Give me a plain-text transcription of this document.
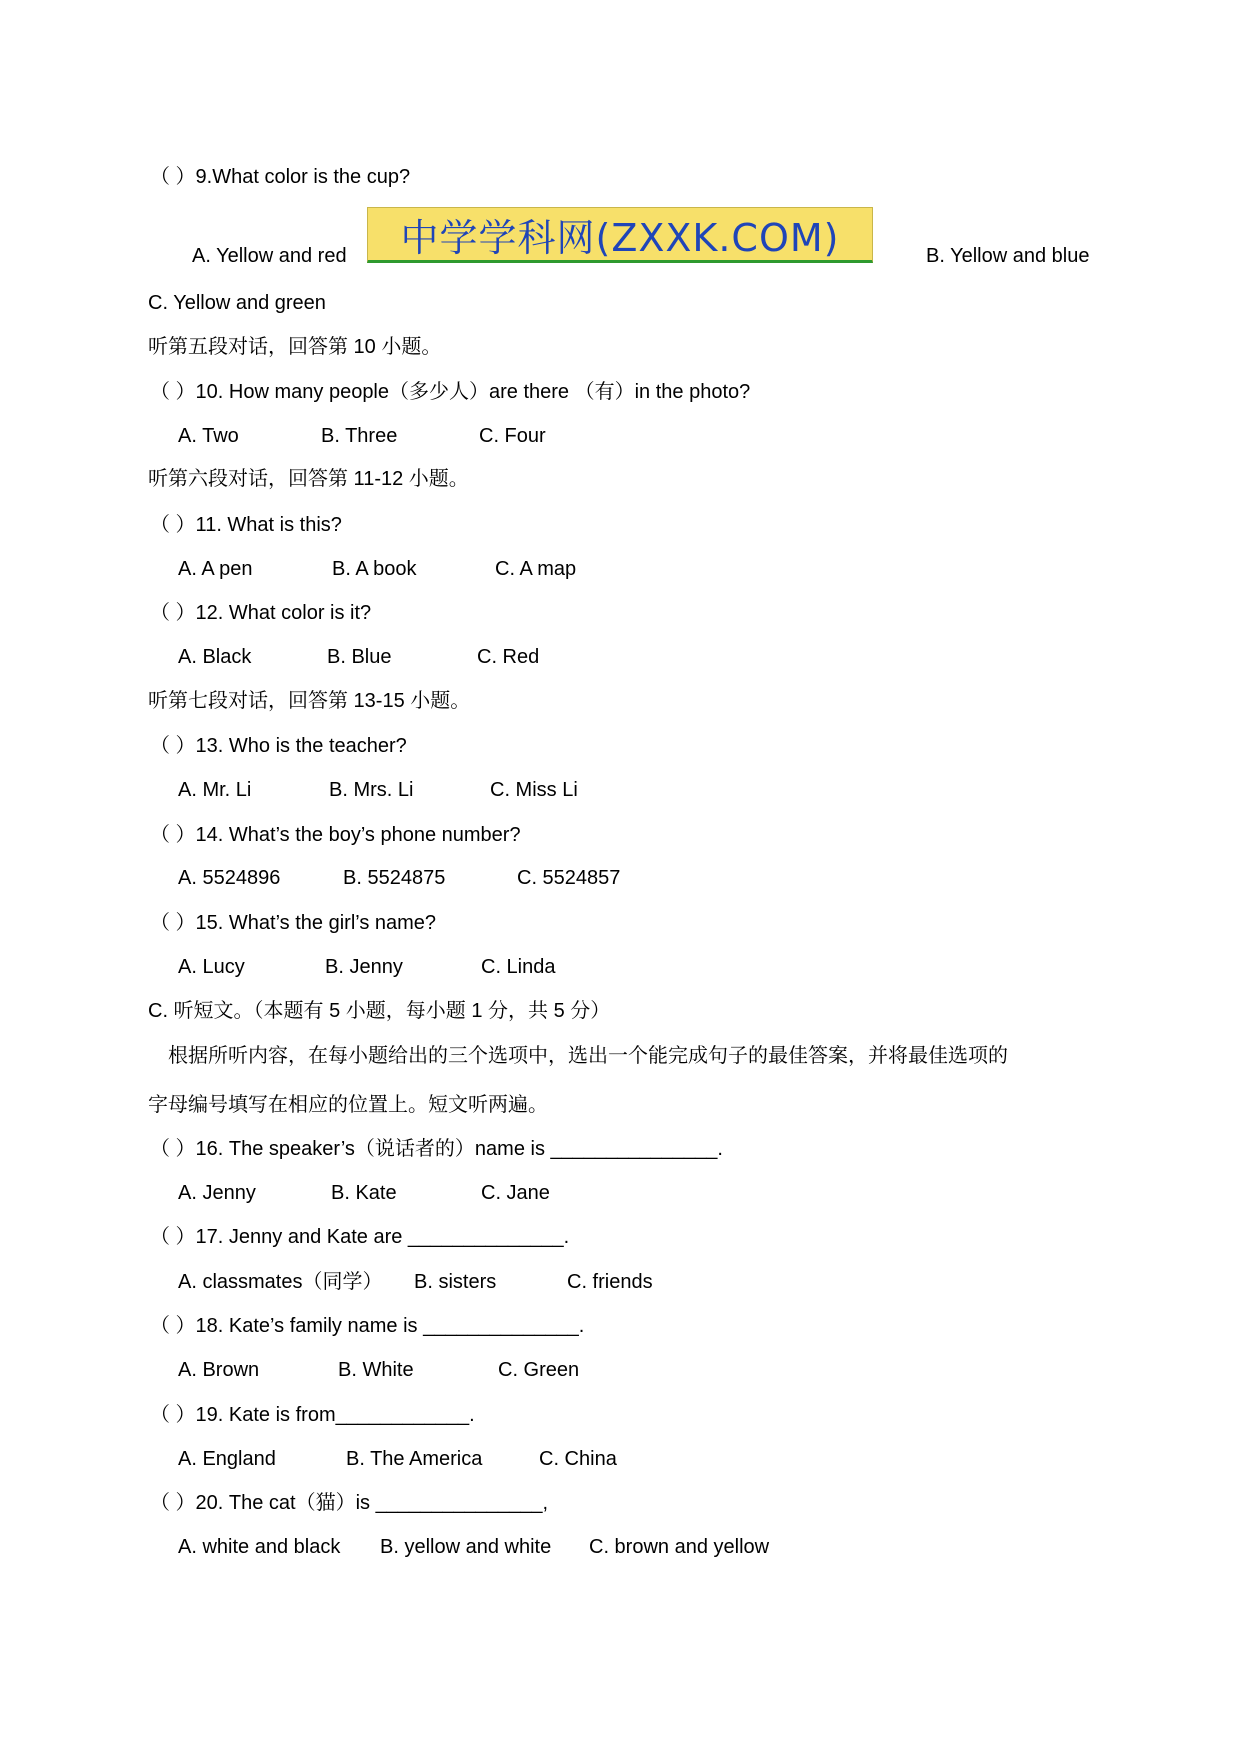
（ ）9.What color is the cup?
A. Yellow and red 中学学科网(ZXXK.COM)	B. Yellow and blue
C. Yellow and green
听第五段对话，回答第 10 小题。
（ ）10. How many people（多少人）are there （有）in the photo?
A. Two	B. Three	C. Four
听第六段对话，回答第 11-12 小题。
（ ）11. What is this?
A. A pen	B. A book	C. A map
（ ）12. What color is it?
A. Black	B. Blue	C. Red
听第七段对话，回答第 13-15 小题。
（ ）13. Who is the teacher?
A. Mr. Li	B. Mrs. Li	C. Miss Li
（ ）14. What’s the boy’s phone number?
A. 5524896	B. 5524875	C. 5524857
（ ）15. What’s the girl’s name?
A. Lucy	B. Jenny	C. Linda
C. 听短文。（本题有 5 小题，每小题 1 分，共 5 分）
根据所听内容，在每小题给出的三个选项中，选出一个能完成句子的最佳答案，并将最佳选项的
字母编号填写在相应的位置上。短文听两遍。
（ ）16. The speaker’s（说话者的）name is _______________.
A. Jenny	B. Kate	C. Jane
（ ）17. Jenny and Kate are ______________.
A. classmates（同学） B. sisters	C. friends
（ ）18. Kate’s family name is ______________.
A. Brown	B. White	C. Green
（ ）19. Kate is from____________.
A. England	B. The America	C. China
（ ）20. The cat（猫）is _______________,
A. white and black B. yellow and white C. brown and yellow
